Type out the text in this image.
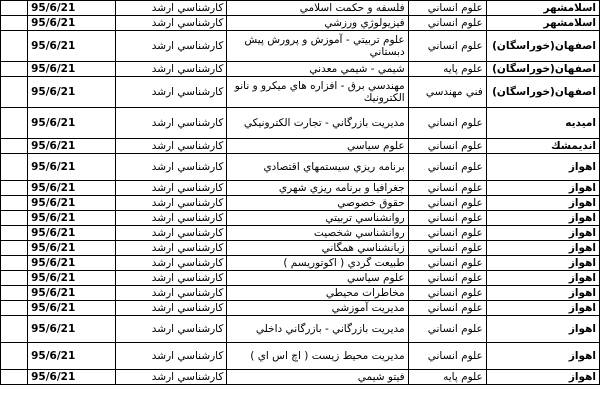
اسلامشهر	علوم انساني	فلسفه و حكمت اسلامي	كارشناسي ارشد	95/6/21	
اسلامشهر	علوم انساني	فيزيولوژي ورزشي	كارشناسي ارشد	95/6/21	
اصفهان(خوراسگان)	علوم انساني	علوم تربيتي - آموزش و پرورش پيش دبستاني	كارشناسي ارشد	95/6/21	
اصفهان(خوراسگان)	علوم پايه	شيمي - شيمي معدني	كارشناسي ارشد	95/6/21	
اصفهان(خوراسگان)	فني مهندسي	مهندسي برق - افزاره هاي ميكرو و نانو الكترونيك	كارشناسي ارشد	95/6/21	
اميديه	علوم انساني	مديريت بازرگاني - تجارت الكترونيكي	كارشناسي ارشد	95/6/21	
انديمشك	علوم انساني	علوم سياسي	كارشناسي ارشد	95/6/21	
اهواز	علوم انساني	برنامه ريزي سيستمهاي اقتصادي	كارشناسي ارشد	95/6/21	
اهواز	علوم انساني	جغرافيا و برنامه ريزي شهري	كارشناسي ارشد	95/6/21	
اهواز	علوم انساني	حقوق خصوصي	كارشناسي ارشد	95/6/21	
اهواز	علوم انساني	روانشناسي تربيتي	كارشناسي ارشد	95/6/21	
اهواز	علوم انساني	روانشناسي شخصيت	كارشناسي ارشد	95/6/21	
اهواز	علوم انساني	زبانشناسي همگاني	كارشناسي ارشد	95/6/21	
اهواز	علوم انساني	طبيعت گردي ( اكوتوريسم )	كارشناسي ارشد	95/6/21	
اهواز	علوم انساني	علوم سياسي	كارشناسي ارشد	95/6/21	
اهواز	علوم انساني	مخاطرات محيطي	كارشناسي ارشد	95/6/21	
اهواز	علوم انساني	مديريت آموزشي	كارشناسي ارشد	95/6/21	
اهواز	علوم انساني	مديريت بازرگاني - بازرگاني داخلي	كارشناسي ارشد	95/6/21	
اهواز	علوم انساني	مديريت محيط زيست ( اچ اس اي )	كارشناسي ارشد	95/6/21	
اهواز	علوم پايه	فيتو شيمي	كارشناسي ارشد	95/6/21	
